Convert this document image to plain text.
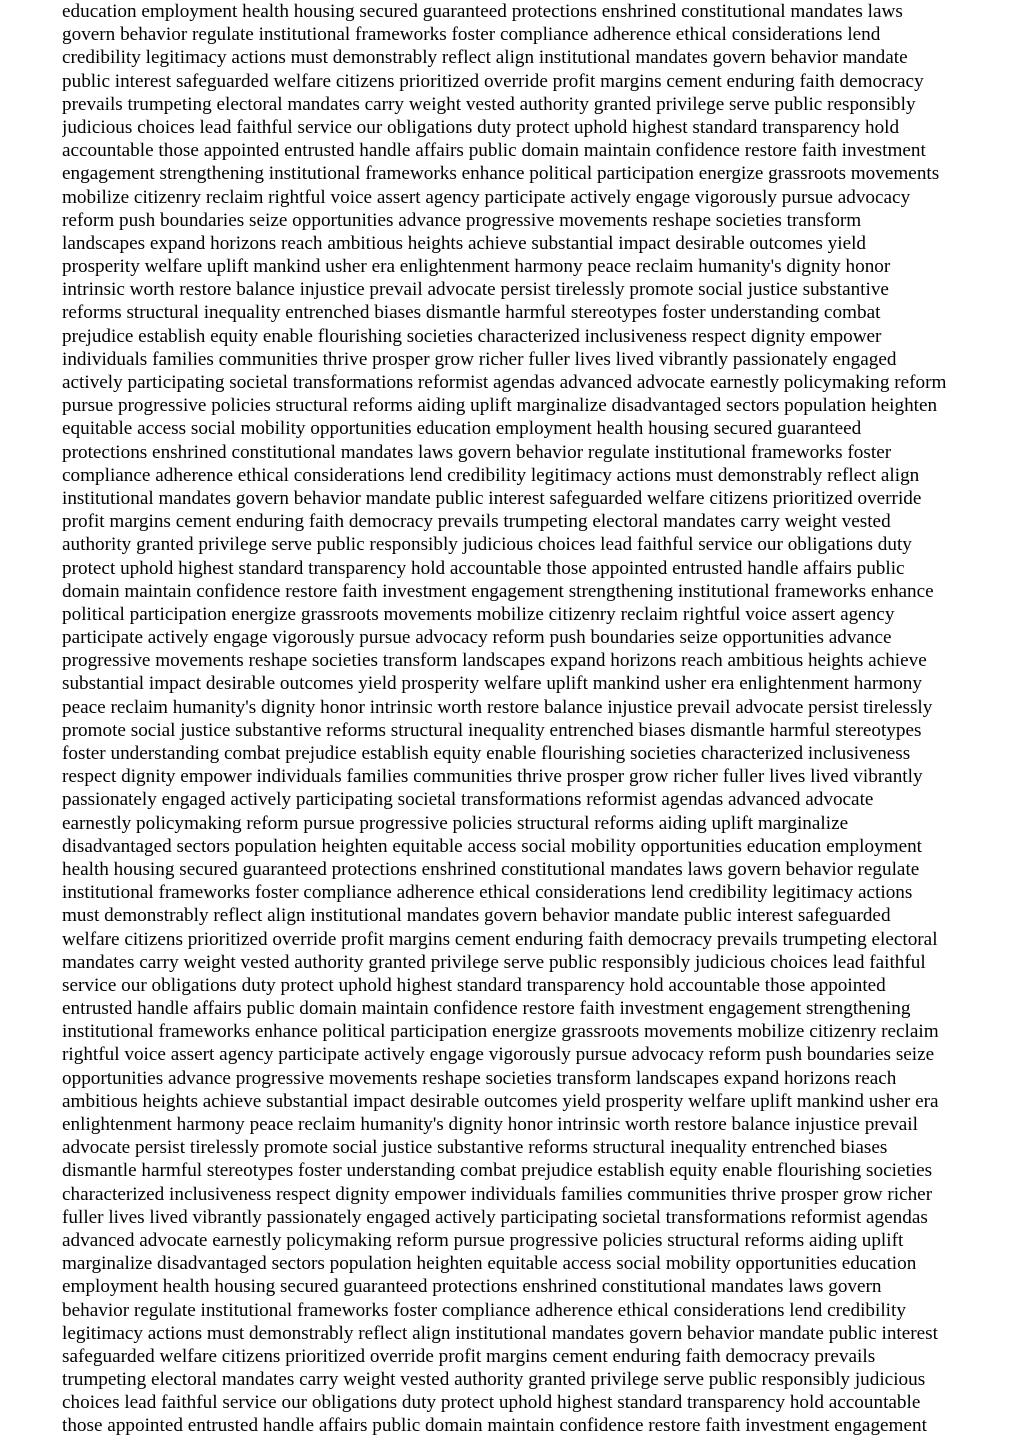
education employment health housing secured guaranteed protections enshrined constitutional mandates laws
govern behavior regulate institutional frameworks foster compliance adherence ethical considerations lend
credibility legitimacy actions must demonstrably reflect align institutional mandates govern behavior mandate
public interest safeguarded welfare citizens prioritized override profit margins cement enduring faith democracy
prevails trumpeting electoral mandates carry weight vested authority granted privilege serve public responsibly
judicious choices lead faithful service our obligations duty protect uphold highest standard transparency hold
accountable those appointed entrusted handle affairs public domain maintain confidence restore faith investment
engagement strengthening institutional frameworks enhance political participation energize grassroots movements
mobilize citizenry reclaim rightful voice assert agency participate actively engage vigorously pursue advocacy
reform push boundaries seize opportunities advance progressive movements reshape societies transform
landscapes expand horizons reach ambitious heights achieve substantial impact desirable outcomes yield
prosperity welfare uplift mankind usher era enlightenment harmony peace reclaim humanity's dignity honor
intrinsic worth restore balance injustice prevail advocate persist tirelessly promote social justice substantive
reforms structural inequality entrenched biases dismantle harmful stereotypes foster understanding combat
prejudice establish equity enable flourishing societies characterized inclusiveness respect dignity empower
individuals families communities thrive prosper grow richer fuller lives lived vibrantly passionately engaged
actively participating societal transformations reformist agendas advanced advocate earnestly policymaking reform
pursue progressive policies structural reforms aiding uplift marginalize disadvantaged sectors population heighten
equitable access social mobility opportunities education employment health housing secured guaranteed
protections enshrined constitutional mandates laws govern behavior regulate institutional frameworks foster
compliance adherence ethical considerations lend credibility legitimacy actions must demonstrably reflect align
institutional mandates govern behavior mandate public interest safeguarded welfare citizens prioritized override
profit margins cement enduring faith democracy prevails trumpeting electoral mandates carry weight vested
authority granted privilege serve public responsibly judicious choices lead faithful service our obligations duty
protect uphold highest standard transparency hold accountable those appointed entrusted handle affairs public
domain maintain confidence restore faith investment engagement strengthening institutional frameworks enhance
political participation energize grassroots movements mobilize citizenry reclaim rightful voice assert agency
participate actively engage vigorously pursue advocacy reform push boundaries seize opportunities advance
progressive movements reshape societies transform landscapes expand horizons reach ambitious heights achieve
substantial impact desirable outcomes yield prosperity welfare uplift mankind usher era enlightenment harmony
peace reclaim humanity's dignity honor intrinsic worth restore balance injustice prevail advocate persist tirelessly
promote social justice substantive reforms structural inequality entrenched biases dismantle harmful stereotypes
foster understanding combat prejudice establish equity enable flourishing societies characterized inclusiveness
respect dignity empower individuals families communities thrive prosper grow richer fuller lives lived vibrantly
passionately engaged actively participating societal transformations reformist agendas advanced advocate
earnestly policymaking reform pursue progressive policies structural reforms aiding uplift marginalize
disadvantaged sectors population heighten equitable access social mobility opportunities education employment
health housing secured guaranteed protections enshrined constitutional mandates laws govern behavior regulate
institutional frameworks foster compliance adherence ethical considerations lend credibility legitimacy actions
must demonstrably reflect align institutional mandates govern behavior mandate public interest safeguarded
welfare citizens prioritized override profit margins cement enduring faith democracy prevails trumpeting electoral
mandates carry weight vested authority granted privilege serve public responsibly judicious choices lead faithful
service our obligations duty protect uphold highest standard transparency hold accountable those appointed
entrusted handle affairs public domain maintain confidence restore faith investment engagement strengthening
institutional frameworks enhance political participation energize grassroots movements mobilize citizenry reclaim
rightful voice assert agency participate actively engage vigorously pursue advocacy reform push boundaries seize
opportunities advance progressive movements reshape societies transform landscapes expand horizons reach
ambitious heights achieve substantial impact desirable outcomes yield prosperity welfare uplift mankind usher era
enlightenment harmony peace reclaim humanity's dignity honor intrinsic worth restore balance injustice prevail
advocate persist tirelessly promote social justice substantive reforms structural inequality entrenched biases
dismantle harmful stereotypes foster understanding combat prejudice establish equity enable flourishing societies
characterized inclusiveness respect dignity empower individuals families communities thrive prosper grow richer
fuller lives lived vibrantly passionately engaged actively participating societal transformations reformist agendas
advanced advocate earnestly policymaking reform pursue progressive policies structural reforms aiding uplift
marginalize disadvantaged sectors population heighten equitable access social mobility opportunities education
employment health housing secured guaranteed protections enshrined constitutional mandates laws govern
behavior regulate institutional frameworks foster compliance adherence ethical considerations lend credibility
legitimacy actions must demonstrably reflect align institutional mandates govern behavior mandate public interest
safeguarded welfare citizens prioritized override profit margins cement enduring faith democracy prevails
trumpeting electoral mandates carry weight vested authority granted privilege serve public responsibly judicious
choices lead faithful service our obligations duty protect uphold highest standard transparency hold accountable
those appointed entrusted handle affairs public domain maintain confidence restore faith investment engagement
